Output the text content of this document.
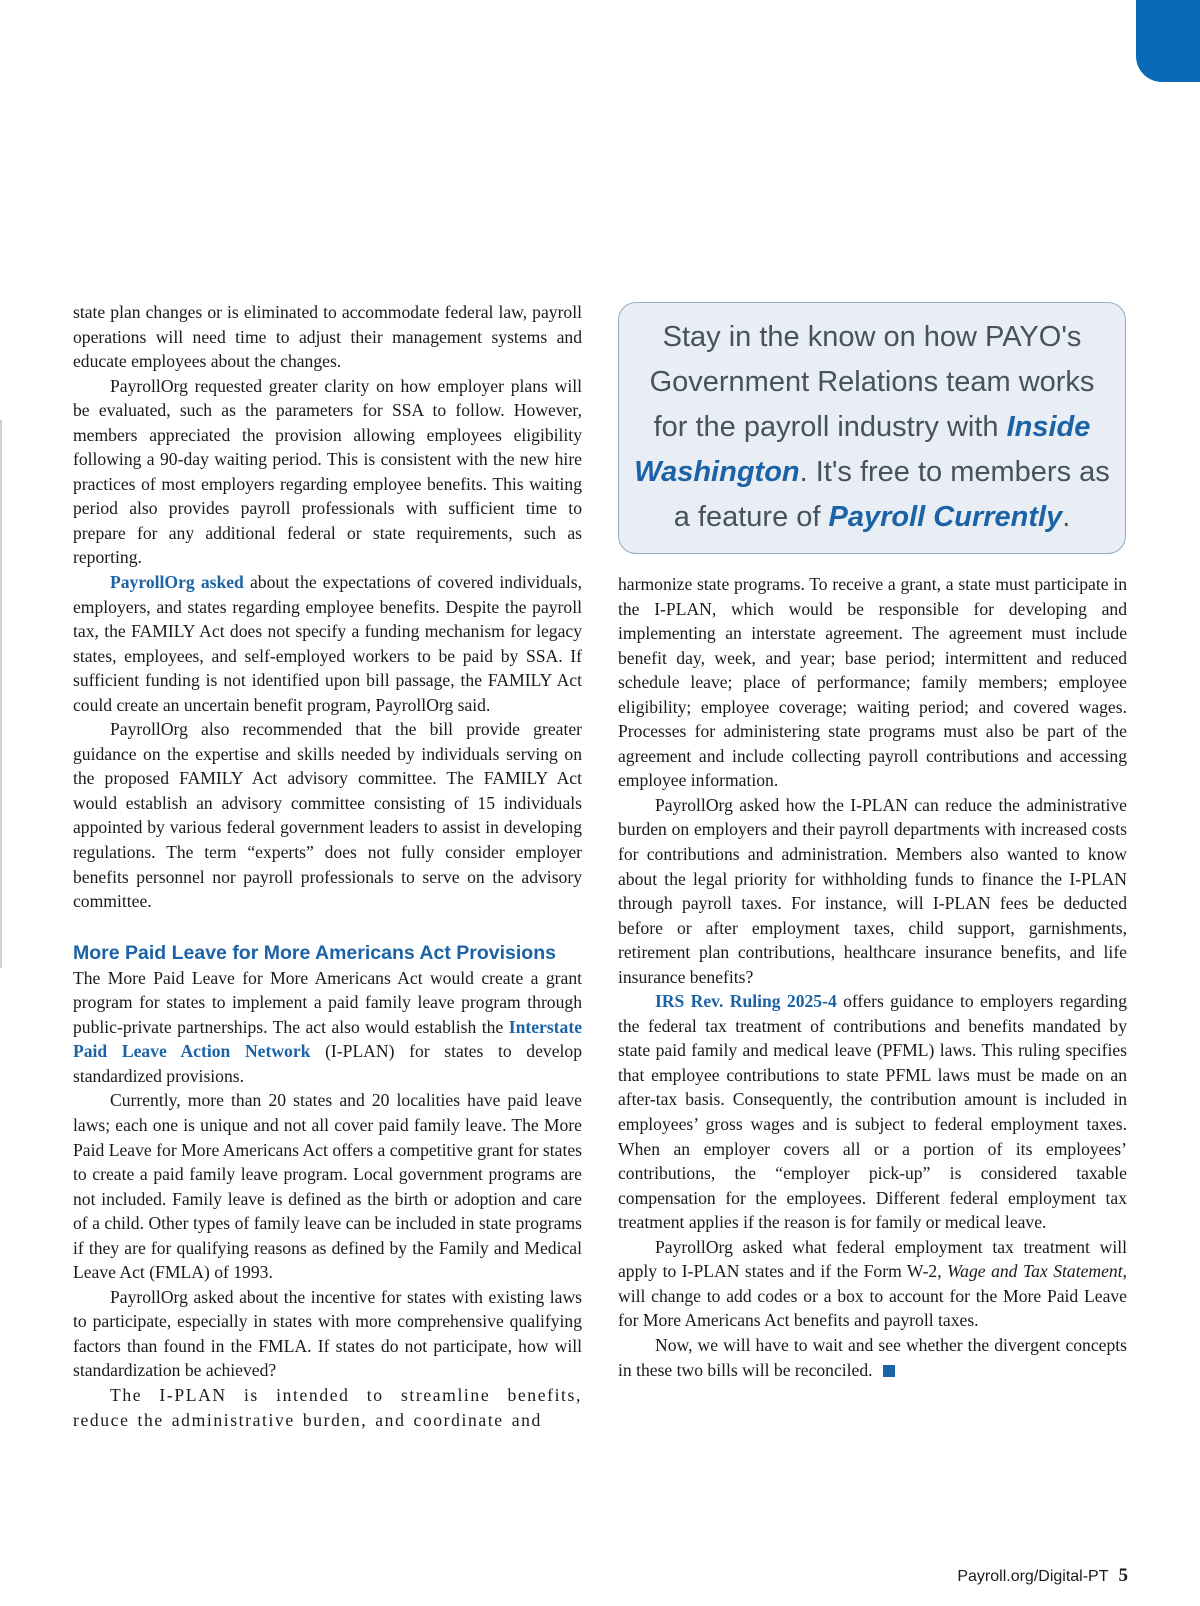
state plan changes or is eliminated to accommodate federal law, payroll operations will need time to adjust their management systems and educate employees about the changes.

PayrollOrg requested greater clarity on how employer plans will be evaluated, such as the parameters for SSA to follow. However, members appreciated the provision allowing employees eligibility following a 90-day waiting period. This is consistent with the new hire practices of most employers regarding employee benefits. This waiting period also provides payroll professionals with sufficient time to prepare for any additional federal or state requirements, such as reporting.

PayrollOrg asked about the expectations of covered individuals, employers, and states regarding employee benefits. Despite the payroll tax, the FAMILY Act does not specify a funding mechanism for legacy states, employees, and self-employed workers to be paid by SSA. If sufficient funding is not identified upon bill passage, the FAMILY Act could create an uncertain benefit program, PayrollOrg said.

PayrollOrg also recommended that the bill provide greater guidance on the expertise and skills needed by individuals serving on the proposed FAMILY Act advisory committee. The FAMILY Act would establish an advisory committee consisting of 15 individuals appointed by various federal government leaders to assist in developing regulations. The term “experts” does not fully consider employer benefits personnel nor payroll professionals to serve on the advisory committee.

More Paid Leave for More Americans Act Provisions

The More Paid Leave for More Americans Act would create a grant program for states to implement a paid family leave program through public-private partnerships. The act also would establish the Interstate Paid Leave Action Network (I-PLAN) for states to develop standardized provisions.

Currently, more than 20 states and 20 localities have paid leave laws; each one is unique and not all cover paid family leave. The More Paid Leave for More Americans Act offers a competitive grant for states to create a paid family leave program. Local government programs are not included. Family leave is defined as the birth or adoption and care of a child. Other types of family leave can be included in state programs if they are for qualifying reasons as defined by the Family and Medical Leave Act (FMLA) of 1993.

PayrollOrg asked about the incentive for states with existing laws to participate, especially in states with more comprehensive qualifying factors than found in the FMLA. If states do not participate, how will standardization be achieved?

The I-PLAN is intended to streamline benefits, reduce the administrative burden, and coordinate and

Stay in the know on how PAYO's Government Relations team works for the payroll industry with Inside Washington. It's free to members as a feature of Payroll Currently.

harmonize state programs. To receive a grant, a state must participate in the I-PLAN, which would be responsible for developing and implementing an interstate agreement. The agreement must include benefit day, week, and year; base period; intermittent and reduced schedule leave; place of performance; family members; employee eligibility; employee coverage; waiting period; and covered wages. Processes for administering state programs must also be part of the agreement and include collecting payroll contributions and accessing employee information.

PayrollOrg asked how the I-PLAN can reduce the administrative burden on employers and their payroll departments with increased costs for contributions and administration. Members also wanted to know about the legal priority for withholding funds to finance the I-PLAN through payroll taxes. For instance, will I-PLAN fees be deducted before or after employment taxes, child support, garnishments, retirement plan contributions, healthcare insurance benefits, and life insurance benefits?

IRS Rev. Ruling 2025-4 offers guidance to employers regarding the federal tax treatment of contributions and benefits mandated by state paid family and medical leave (PFML) laws. This ruling specifies that employee contributions to state PFML laws must be made on an after-tax basis. Consequently, the contribution amount is included in employees’ gross wages and is subject to federal employment taxes. When an employer covers all or a portion of its employees’ contributions, the “employer pick-up” is considered taxable compensation for the employees. Different federal employment tax treatment applies if the reason is for family or medical leave.

PayrollOrg asked what federal employment tax treatment will apply to I-PLAN states and if the Form W-2, Wage and Tax Statement, will change to add codes or a box to account for the More Paid Leave for More Americans Act benefits and payroll taxes.

Now, we will have to wait and see whether the divergent concepts in these two bills will be reconciled.

Payroll.org/Digital-PT 5
